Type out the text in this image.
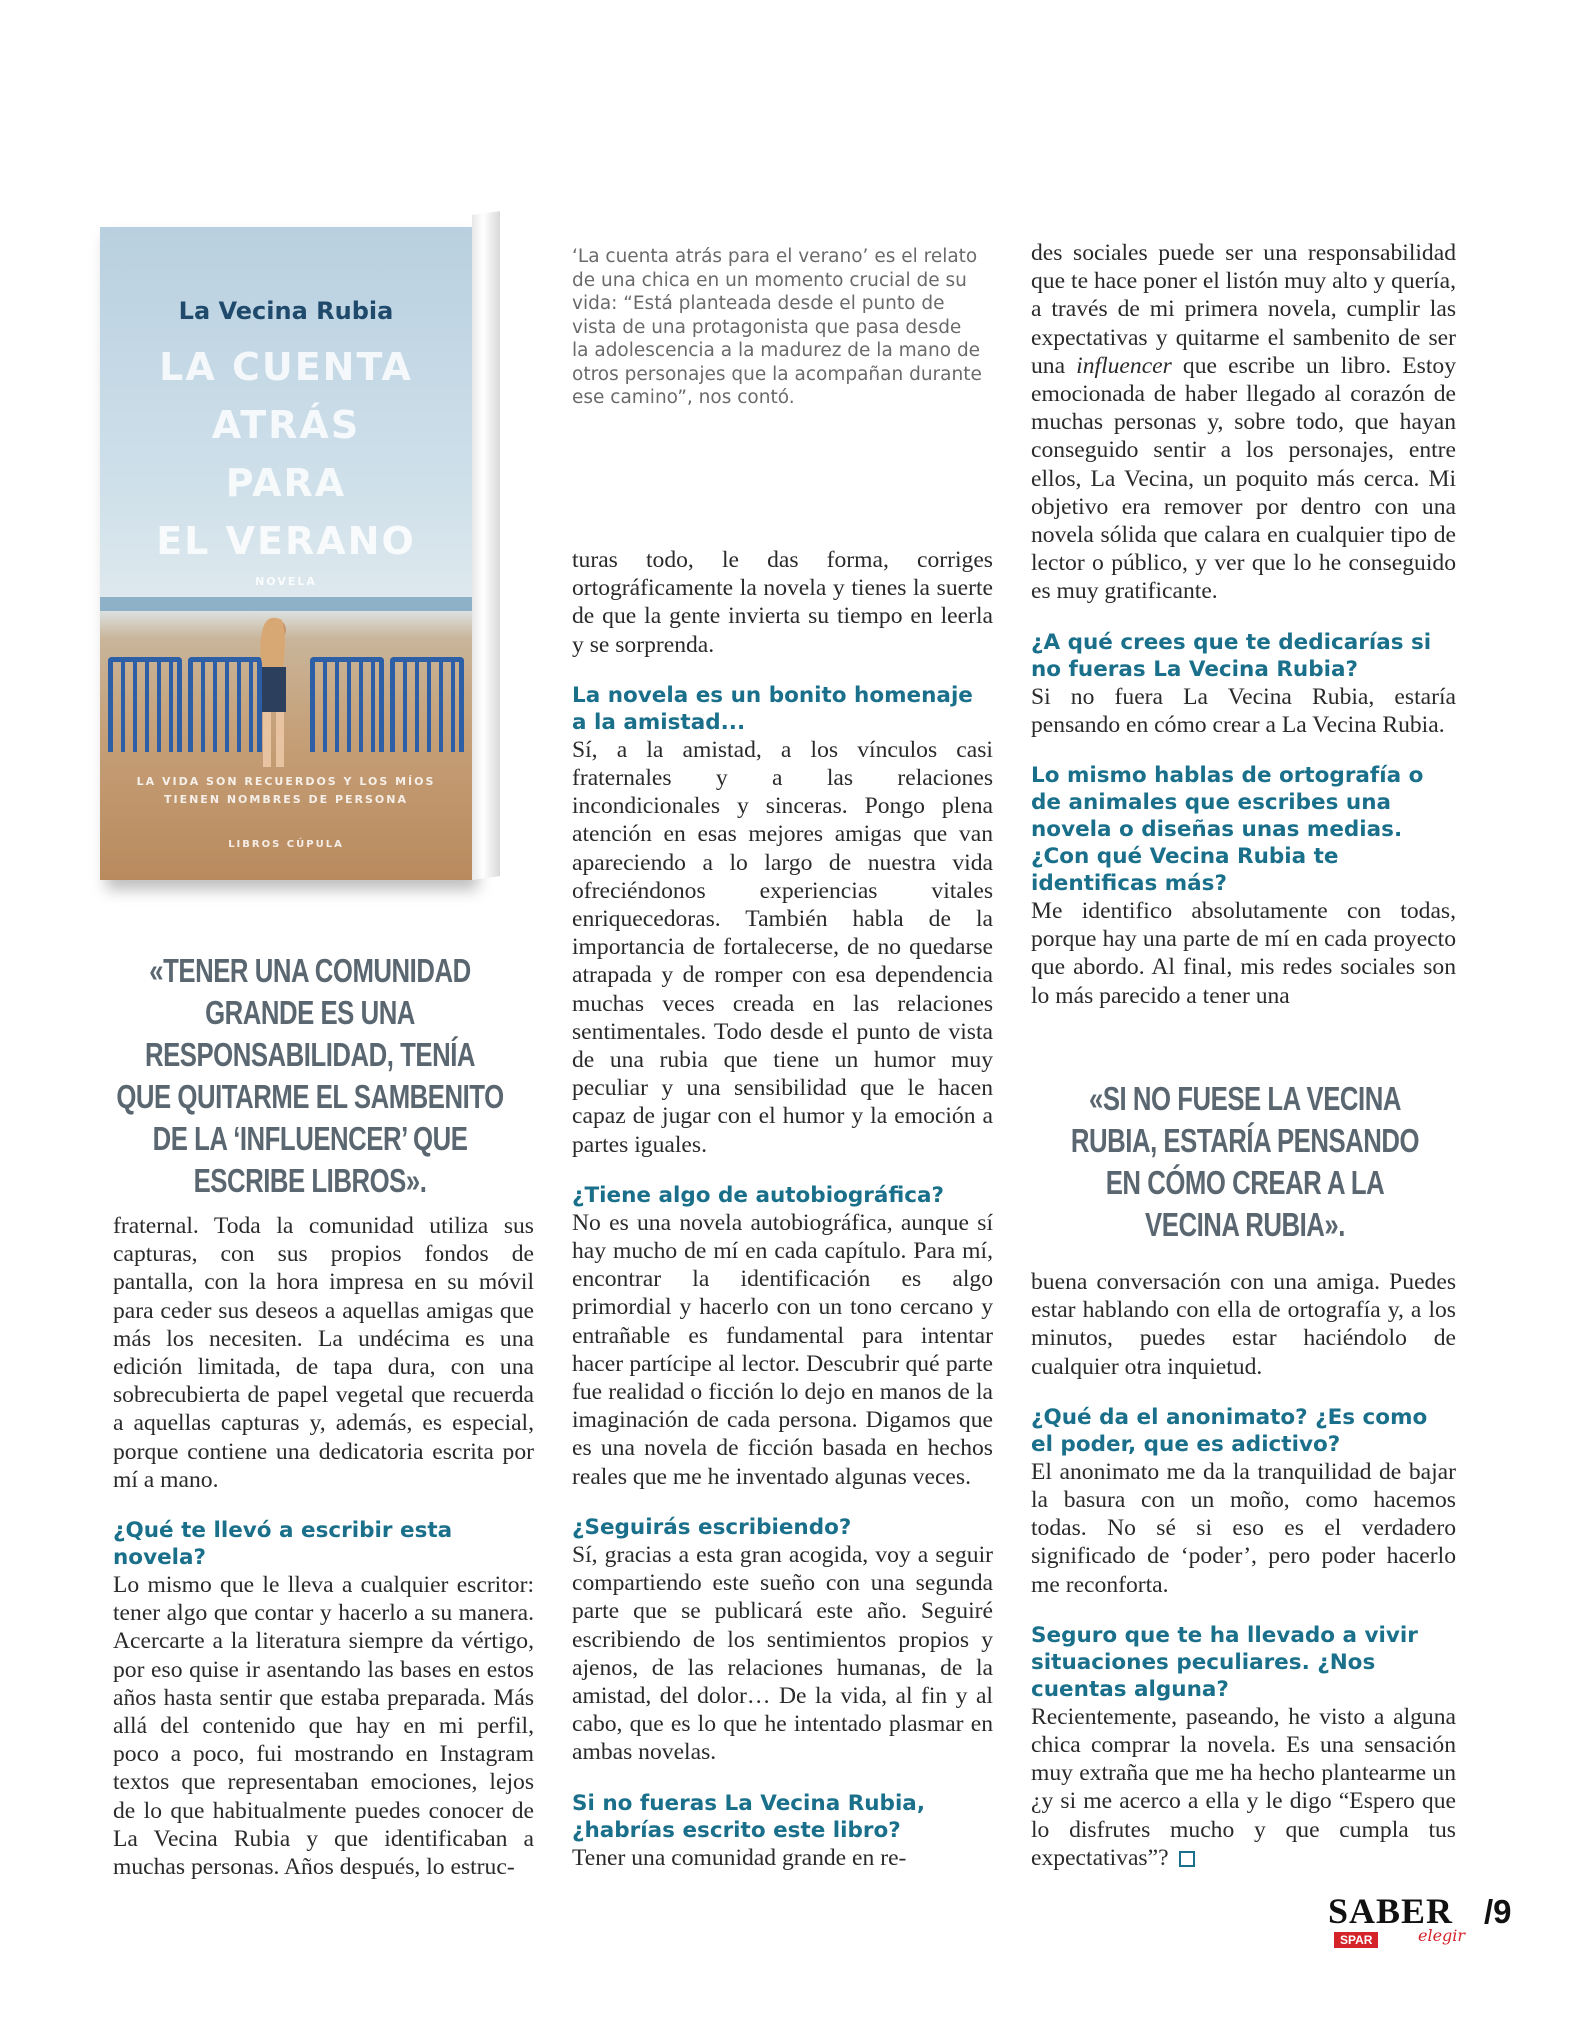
La Vecina Rubia
LA CUENTA
ATRÁS
PARA
EL VERANO
NOVELA
LA VIDA SON RECUERDOS Y LOS MÍOS
TIENEN NOMBRES DE PERSONA
LIBROS CÚPULA
«TENER UNA COMUNIDAD GRANDE ES UNA RESPONSABILIDAD, TENÍA QUE QUITARME EL SAMBENITO DE LA ‘INFLUENCER’ QUE ESCRIBE LIBROS».

fraternal. Toda la comunidad utiliza sus capturas, con sus propios fondos de pantalla, con la hora impresa en su móvil para ceder sus deseos a aquellas amigas que más los necesiten. La undécima es una edición limitada, de tapa dura, con una sobrecubierta de papel vegetal que recuerda a aquellas capturas y, además, es especial, porque contiene una dedicatoria escrita por mí a mano.

¿Qué te llevó a escribir esta novela?

Lo mismo que le lleva a cualquier escritor: tener algo que contar y hacerlo a su manera. Acercarte a la literatura siempre da vértigo, por eso quise ir asentando las bases en estos años hasta sentir que estaba preparada. Más allá del contenido que hay en mi perfil, poco a poco, fui mostrando en Instagram textos que representaban emociones, lejos de lo que habitualmente puedes conocer de La Vecina Rubia y que identificaban a muchas personas. Años después, lo estruc-

‘La cuenta atrás para el verano’ es el relato de una chica en un momento crucial de su vida: “Está planteada desde el punto de vista de una protagonista que pasa desde la adolescencia a la madurez de la mano de otros personajes que la acompañan durante ese camino”, nos contó.

turas todo, le das forma, corriges ortográficamente la novela y tienes la suerte de que la gente invierta su tiempo en leerla y se sorprenda.

La novela es un bonito homenaje a la amistad...

Sí, a la amistad, a los vínculos casi fraternales y a las relaciones incondicionales y sinceras. Pongo plena atención en esas mejores amigas que van apareciendo a lo largo de nuestra vida ofreciéndonos experiencias vitales enriquecedoras. También habla de la importancia de fortalecerse, de no quedarse atrapada y de romper con esa dependencia muchas veces creada en las relaciones sentimentales. Todo desde el punto de vista de una rubia que tiene un humor muy peculiar y una sensibilidad que le hacen capaz de jugar con el humor y la emoción a partes iguales.

¿Tiene algo de autobiográfica?

No es una novela autobiográfica, aunque sí hay mucho de mí en cada capítulo. Para mí, encontrar la identificación es algo primordial y hacerlo con un tono cercano y entrañable es fundamental para intentar hacer partícipe al lector. Descubrir qué parte fue realidad o ficción lo dejo en manos de la imaginación de cada persona. Digamos que es una novela de ficción basada en hechos reales que me he inventado algunas veces.

¿Seguirás escribiendo?

Sí, gracias a esta gran acogida, voy a seguir compartiendo este sueño con una segunda parte que se publicará este año. Seguiré escribiendo de los sentimientos propios y ajenos, de las relaciones humanas, de la amistad, del dolor… De la vida, al fin y al cabo, que es lo que he intentado plasmar en ambas novelas.

Si no fueras La Vecina Rubia, ¿habrías escrito este libro?

Tener una comunidad grande en re-

des sociales puede ser una responsabilidad que te hace poner el listón muy alto y quería, a través de mi primera novela, cumplir las expectativas y quitarme el sambenito de ser una influencer que escribe un libro. Estoy emocionada de haber llegado al corazón de muchas personas y, sobre todo, que hayan conseguido sentir a los personajes, entre ellos, La Vecina, un poquito más cerca. Mi objetivo era remover por dentro con una novela sólida que calara en cualquier tipo de lector o público, y ver que lo he conseguido es muy gratificante.

¿A qué crees que te dedicarías si no fueras La Vecina Rubia?

Si no fuera La Vecina Rubia, estaría pensando en cómo crear a La Vecina Rubia.

Lo mismo hablas de ortografía o de animales que escribes una novela o diseñas unas medias. ¿Con qué Vecina Rubia te identificas más?

Me identifico absolutamente con todas, porque hay una parte de mí en cada proyecto que abordo. Al final, mis redes sociales son lo más parecido a tener una

«SI NO FUESE LA VECINA RUBIA, ESTARÍA PENSANDO EN CÓMO CREAR A LA VECINA RUBIA».

buena conversación con una amiga. Puedes estar hablando con ella de ortografía y, a los minutos, puedes estar haciéndolo de cualquier otra inquietud.

¿Qué da el anonimato? ¿Es como el poder, que es adictivo?

El anonimato me da la tranquilidad de bajar la basura con un moño, como hacemos todas. No sé si eso es el verdadero significado de ‘poder’, pero poder hacerlo me reconforta.

Seguro que te ha llevado a vivir situaciones peculiares. ¿Nos cuentas alguna?

Recientemente, paseando, he visto a alguna chica comprar la novela. Es una sensación muy extraña que me ha hecho plantearme un ¿y si me acerco a ella y le digo “Espero que lo disfrutes mucho y que cumpla tus expectativas”?

SABER
SPAR	elegir
/9
